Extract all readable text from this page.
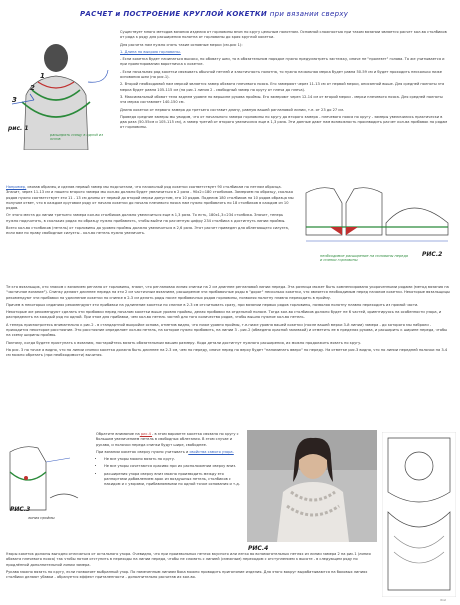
РАСЧЕТ и ПОСТРОЕНИЕ КРУГЛОЙ КОКЕТКИ при вязании сверху
1
2
3
рис. 1
расширять спицу в одной из основ

Существует много методов вязания изделия от горловины вниз по кругу цельным полотном. Основной сложностью при таком вязании является расчет кол-ва столбиков от ряда к ряду для расширения полотна от горловины до края круглой кокетки.

Для расчета нам нужно снять такие основные мерки (см.рис 1):

1. Длина по выкрою горловины.

- Если кокетка будет начинаться высоко, по обхвату шеи, то в обязательном порядке нужно предусмотреть застежку, иначе не "пролезет" голова. То же учитывается и при проектировании воротничка к кокетке.

- Если начальная ряд кокетки связывать обычной петлей и эластичность полотна, то нужно начальная мерка будет равна 50-59 см и будет проходить несколько ниже основания шеи (по рис.1).

2. Второй необходимой нам меркой является замер обхвата плечевого пояса. Его замеряют через 11-13 см от первой мерки, описанной выше. Для средней полноты эта мерка будет равна 105-115 см (на рис.1 линия 2 - свободный замер по кругу от плеча до плеча).

3. Максимальный обхват тела заднем уровне по вершине рукава проймы. Его замеряют через 12-14 см от второй мерки - мерки плечевого пояса. Для средней полноты эта мерка составляет 140-150 см.

Длина кокетки от первого замера до третьего составит длину, равную вашей раглановой линии, т.е. от 23 до 27 см.

Проведя средние замеры мы увидим, что от начального замера горловины по кругу до второго замера - плечевого пояса по кругу - замеры увеличились практически в два раза (50-55см и 105-115 см), а замер третий от второго увеличился еще в 1,3 раза. Эти данные дают нам возможность производить расчет кол-ва прибавок по рядам от горловины.

Например, связав образец и сделав первый замер мы подсчитали, что начальный ряд кокетки соответствует 90 столбикам по петлям образца. Значит, через 11-13 см и нашего второго замера мы кол-во должно будет увеличиться в 2 раза - 90х2=180 столбиков. Замеряем по образцу, сколько рядов нужно соответствует эти 11 - 13 см длины от первой до второй мерки допустим, это 10 рядов. Поделив 180 столбиков на 10 рядов образца мы получим ответ, что в каждом круговом ряду от начала кокетки до начала плечевого пояса нам нужно прибавлять по 18 столбиков в каждом из 10 рядов.

От этого места до линии третьего замера кол-во столбиков должно увеличиться еще в 1,3 раза. То есть, 180х1,3=234 столбика. Значит, теперь нужно подсчитать, в скольких рядах по образцу нужно прибавлять, чтобы выйти на расчетную цифру 234 столбика к достигнуть линии проймы.

Всего кол-во столбиков (петель) от горловины до уровня проймы должно увеличиться в 2,6 раза. Этот расчет приведен для облегающего силуэта, если вам по нраву свободные силуэты - кол-во петель нужно увеличить.

необходимое расширение на половины переда и спинки горловины
РИС.2

Те кто вязальщик, кто знаком с вязанием реглана от горловины, знают, что реглановая линия спинки на 2 см длиннее реглановой линии переда. Эта разница может быть компенсирована укороченными рядами (метод вязания на "частичное вязание"). Спинку делают длиннее переда на эти 2 см частичным вязанием, расширение эти прибавочные ряды в "дорог" несколько кокетки, что является необходимым перед началом кокетки. Некоторые вязальщицы рекомендуют эти прибавки на удлинение кокетки по спинке в 2-3 см делать ряды после прибавочных рядов горловины, позволяя полотну плавно переходить в пройму.

Причем в некоторых изданиях рекомендуют эти прибавки на удлинение кокетки по спинке в 2-3 см отсчитывать сразу, при вязании первых рядов горловины, позволяя полотну плавно переходить из прямой части.

Некоторые же рекомендуют сделать эти прибавки перед началом кокетки выше уровня проймы, делая прибавки на отдельной полосе. Тогда кол-во столбиков должно будет не 6 частей, ориентируясь на особенности узора, и распределить на каждый ряд по одной. При этом для прибавки, чем кол-во петель частей для того количества рядов, чтобы вышло нужное кол-во петель.

А теперь присмотритесь внимательно к рис.2 - в стандартной выкройке основа, отметив видно, что ниже уровня проймы, т.е.ниже уровня вашей кокетки (после вашей мерки 3-й линии) замера - до которого мы набрали - приходится некоторое расстояние. Это расстояние определяет кол-во петель, на которое нужно прибавить, на линии 3 - рис.2 (обведено красной заливкой) и отметить ее в пределах рукава, и расширить к ширине переда, чтобы на схему ширины проймы.

Поэтому, когда будете приступать к вязанию, постарайтесь вязать обязательным вашим размеру. Кода детали достигнут нужного расширения, их можно продолжить вязать по кругу.

На рис. 3 по точке а видно, что по линии спинки кокетка должна быть длиннее на 2-3 см, чем по переду, иначе перед по верху будет "напоминать вверх" по переду. На отметке рис.3 видно, что по линии передней полочки на 3-4 см можно обрезать (при необходимости) вычитая.

РИС.3
линия проймы

Обратите внимание на рис.4 - в этом варианте кокетка связана по кругу с большим увеличением петель в свободных облегания. В этом случае и рукава, и полочки переда спинки будут шире, свободнее.

При вязании кокеток сверху нужно учитывать и свойства самого узора.

• Не все узоры можно вязать по кругу.
• Не все узоры сочетаются красиво при их расположении сверху вниз.
• расширения узора сверху вниз можно производить между его раппортами добавлением арок из воздушных петель, столбиков с накидом и с узорами, прибавляемыми по одной точке основания и т.д.
РИС.4

Узоры кокеток должны выгодно отличаться от остального узора. Очевидно, что при произвольных петлях вкусного или легко во вспомогательных петлях из линии замера 2 на рис.1 (линия обхвата плечевого пояса) так чтобы потом отступить в переходы на линии переда, чтобы не сломать с линией (смежным) переходом с отступлением к высоте - в следующем ряду по продлённой дополнительной линии замера.

Рукава можно вязать по кругу, если позволяет выбранный узор. По намеченным линиям бока можно проводить пригоняние изделия. Для этого вокруг вырабатываются на боковых линиях столбики делают убавки - образуется эффект приталенности - дополнительно расчитав их кол-во.

ltnd
